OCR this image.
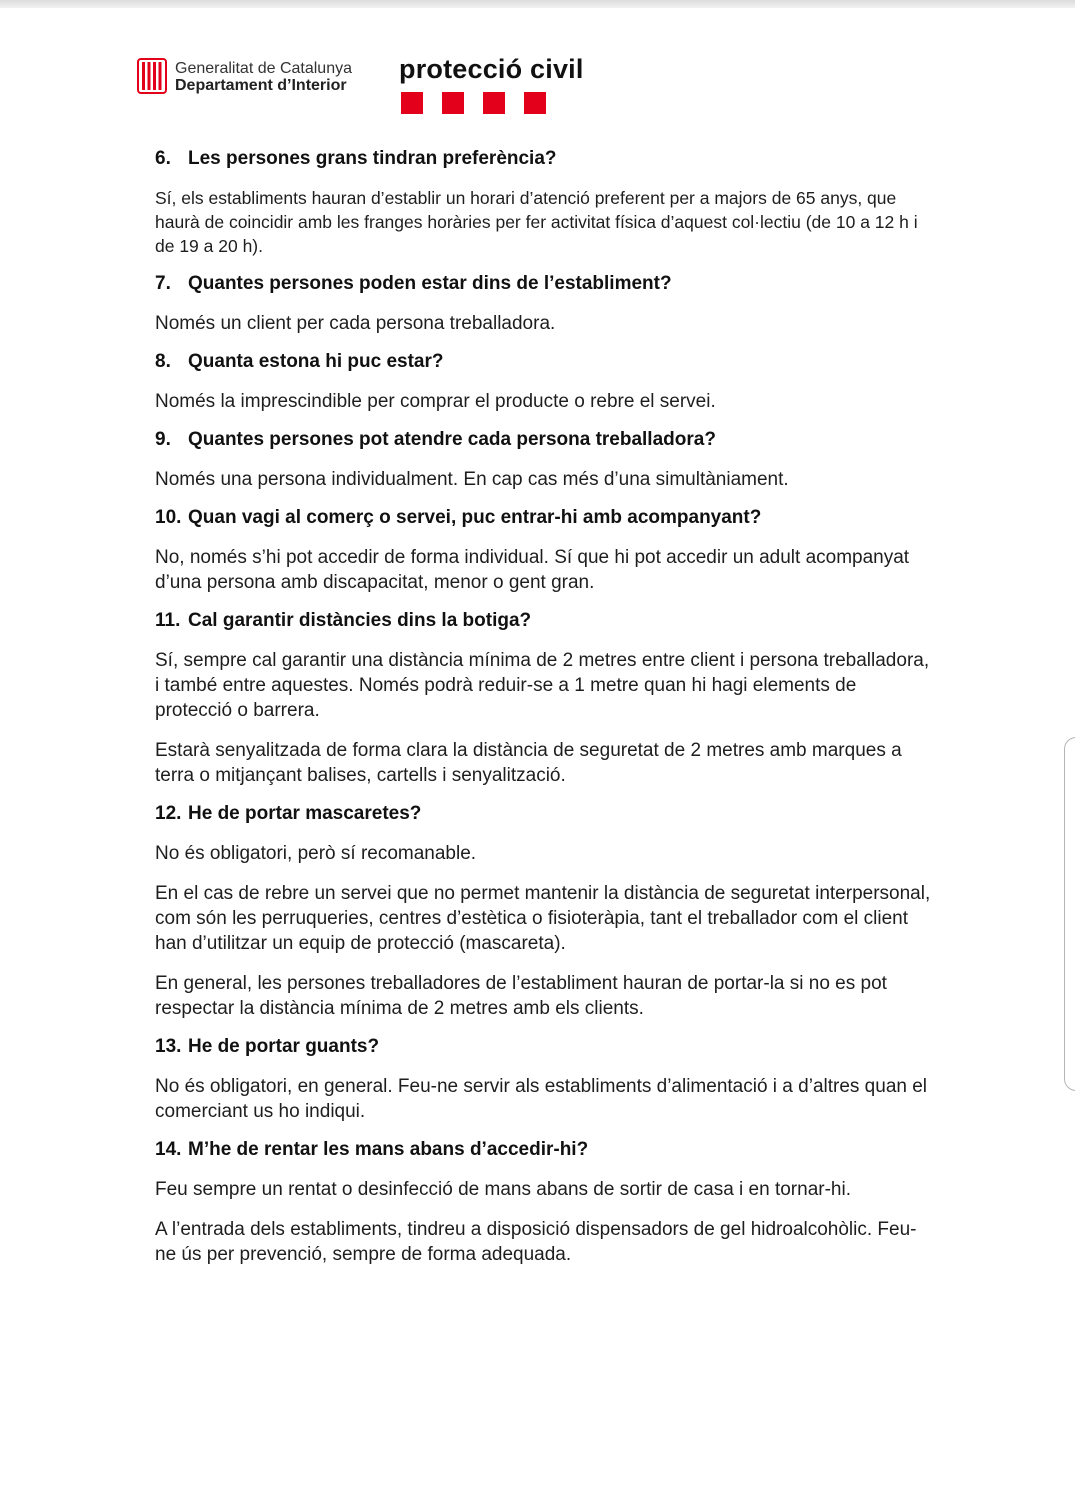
Generalitat de Catalunya
Departament d’Interior
protecció civil
6. Les persones grans tindran preferència?
Sí, els establiments hauran d’establir un horari d’atenció preferent per a majors de 65 anys, que haurà de coincidir amb les franges horàries per fer activitat física d’aquest col·lectiu (de 10 a 12 h i de 19 a 20 h).
7. Quantes persones poden estar dins de l’establiment?
Només un client per cada persona treballadora.
8. Quanta estona hi puc estar?
Només la imprescindible per comprar el producte o rebre el servei.
9. Quantes persones pot atendre cada persona treballadora?
Només una persona individualment. En cap cas més d’una simultàniament.
10. Quan vagi al comerç o servei, puc entrar-hi amb acompanyant?
No, només s’hi pot accedir de forma individual. Sí que hi pot accedir un adult acompanyat d’una persona amb discapacitat, menor o gent gran.
11. Cal garantir distàncies dins la botiga?
Sí, sempre cal garantir una distància mínima de 2 metres entre client i persona treballadora, i també entre aquestes. Només podrà reduir-se a 1 metre quan hi hagi elements de protecció o barrera.
Estarà senyalitzada de forma clara la distància de seguretat de 2 metres amb marques a terra o mitjançant balises, cartells i senyalització.
12. He de portar mascaretes?
No és obligatori, però sí recomanable.
En el cas de rebre un servei que no permet mantenir la distància de seguretat interpersonal, com són les perruqueries, centres d’estètica o fisioteràpia, tant el treballador com el client han d’utilitzar un equip de protecció (mascareta).
En general, les persones treballadores de l’establiment hauran de portar-la si no es pot respectar la distància mínima de 2 metres amb els clients.
13. He de portar guants?
No és obligatori, en general. Feu-ne servir als establiments d’alimentació i a d’altres quan el comerciant us ho indiqui.
14. M’he de rentar les mans abans d’accedir-hi?
Feu sempre un rentat o desinfecció de mans abans de sortir de casa i en tornar-hi.
A l’entrada dels establiments, tindreu a disposició dispensadors de gel hidroalcohòlic. Feu-ne ús per prevenció, sempre de forma adequada.
